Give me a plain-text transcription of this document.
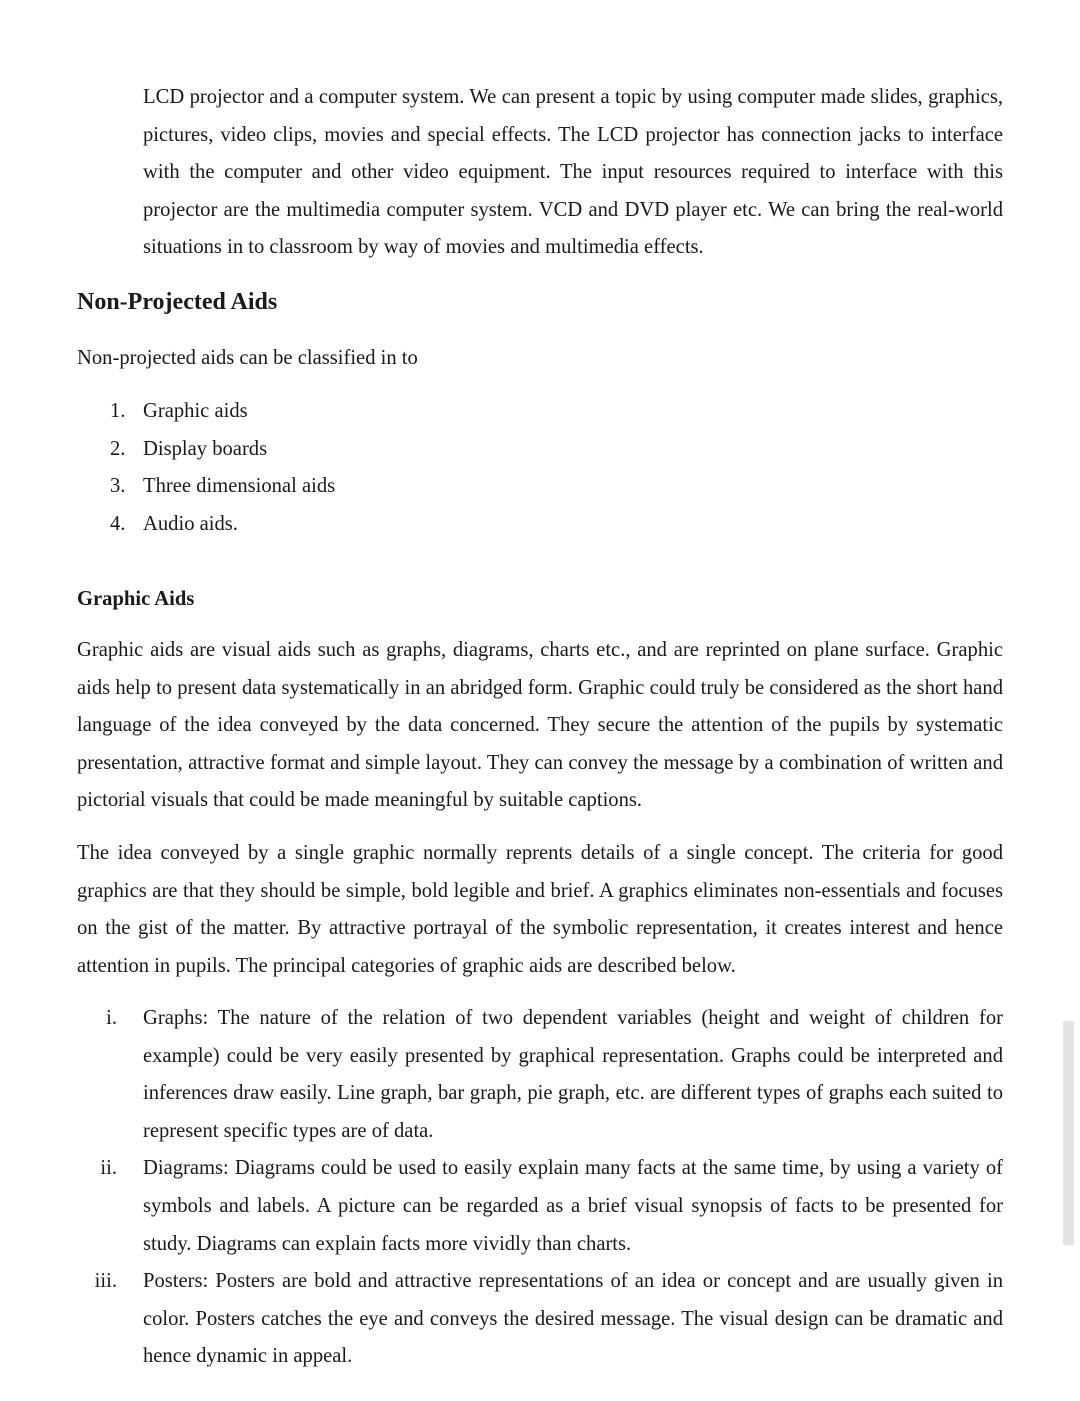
LCD projector and a computer system. We can present a topic by using computer made slides, graphics, pictures, video clips, movies and special effects. The LCD projector has connection jacks to interface with the computer and other video equipment. The input resources required to interface with this projector are the multimedia computer system. VCD and DVD player etc. We can bring the real-world situations in to classroom by way of movies and multimedia effects.

Non-Projected Aids

Non-projected aids can be classified in to

1. Graphic aids
2. Display boards
3. Three dimensional aids
4. Audio aids.
Graphic Aids

Graphic aids are visual aids such as graphs, diagrams, charts etc., and are reprinted on plane surface. Graphic aids help to present data systematically in an abridged form. Graphic could truly be considered as the short hand language of the idea conveyed by the data concerned. They secure the attention of the pupils by systematic presentation, attractive format and simple layout. They can convey the message by a combination of written and pictorial visuals that could be made meaningful by suitable captions.

The idea conveyed by a single graphic normally reprents details of a single concept. The criteria for good graphics are that they should be simple, bold legible and brief. A graphics eliminates non-essentials and focuses on the gist of the matter. By attractive portrayal of the symbolic representation, it creates interest and hence attention in pupils. The principal categories of graphic aids are described below.

i. Graphs: The nature of the relation of two dependent variables (height and weight of children for example) could be very easily presented by graphical representation. Graphs could be interpreted and inferences draw easily. Line graph, bar graph, pie graph, etc. are different types of graphs each suited to represent specific types are of data.
ii. Diagrams: Diagrams could be used to easily explain many facts at the same time, by using a variety of symbols and labels. A picture can be regarded as a brief visual synopsis of facts to be presented for study. Diagrams can explain facts more vividly than charts.
iii. Posters: Posters are bold and attractive representations of an idea or concept and are usually given in color. Posters catches the eye and conveys the desired message. The visual design can be dramatic and hence dynamic in appeal.
